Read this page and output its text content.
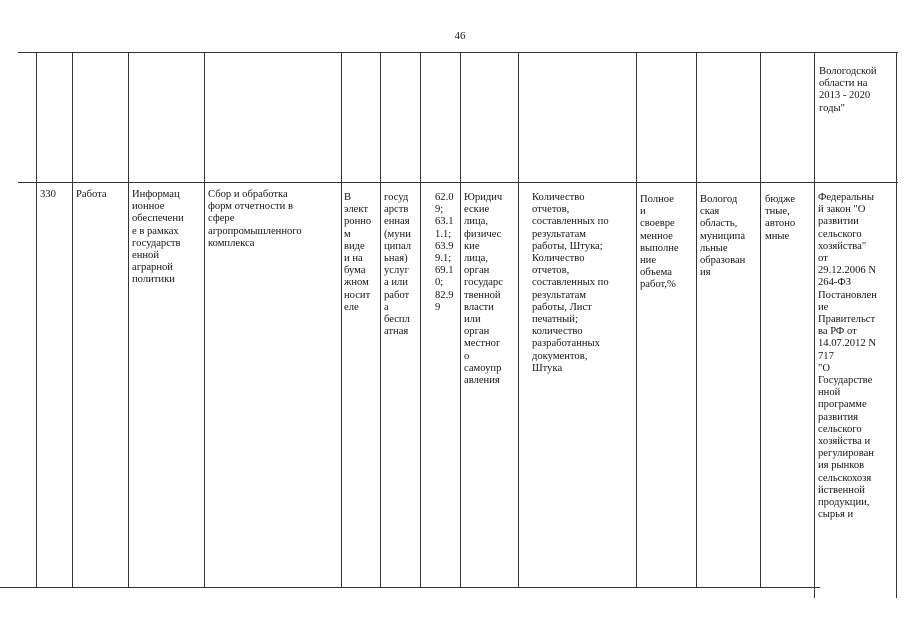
46
Вологодской
области на
2013 - 2020
годы"
330	Работа	Информац
ионное
обеспечени
е в рамках
государств
енной
аграрной
политики
Сбор и обработка
форм отчетности в
сфере
агропромышленного
комплекса
В
элект
ронно
м
виде
и на
бума
жном
носит
еле
госуд
арств
енная
(муни
ципал
ьная)
услуг
а или
работ
а
беспл
атная
62.0
9;
63.1
1.1;
63.9
9.1;
69.1
0;
82.9
9
Юридич
еские
лица,
физичес
кие
лица,
орган
государс
твенной
власти
или
орган
местног
о
самоупр
авления
Количество
отчетов,
составленных по
результатам
работы, Штука;
Количество
отчетов,
составленных по
результатам
работы, Лист
печатный;
количество
разработанных
документов,
Штука
Полное
и
своевре
менное
выполне
ние
объема
работ,%
Вологод
ская
область,
муниципа
льные
образован
ия
бюдже
тные,
автоно
мные
Федеральны
й закон "О
развитии
сельского
хозяйства"
от
29.12.2006 N
264-ФЗ
Постановлен
ие
Правительст
ва РФ от
14.07.2012 N
717
"О
Государстве
нной
программе
развития
сельского
хозяйства и
регулирован
ия рынков
сельскохозя
йственной
продукции,
сырья и
